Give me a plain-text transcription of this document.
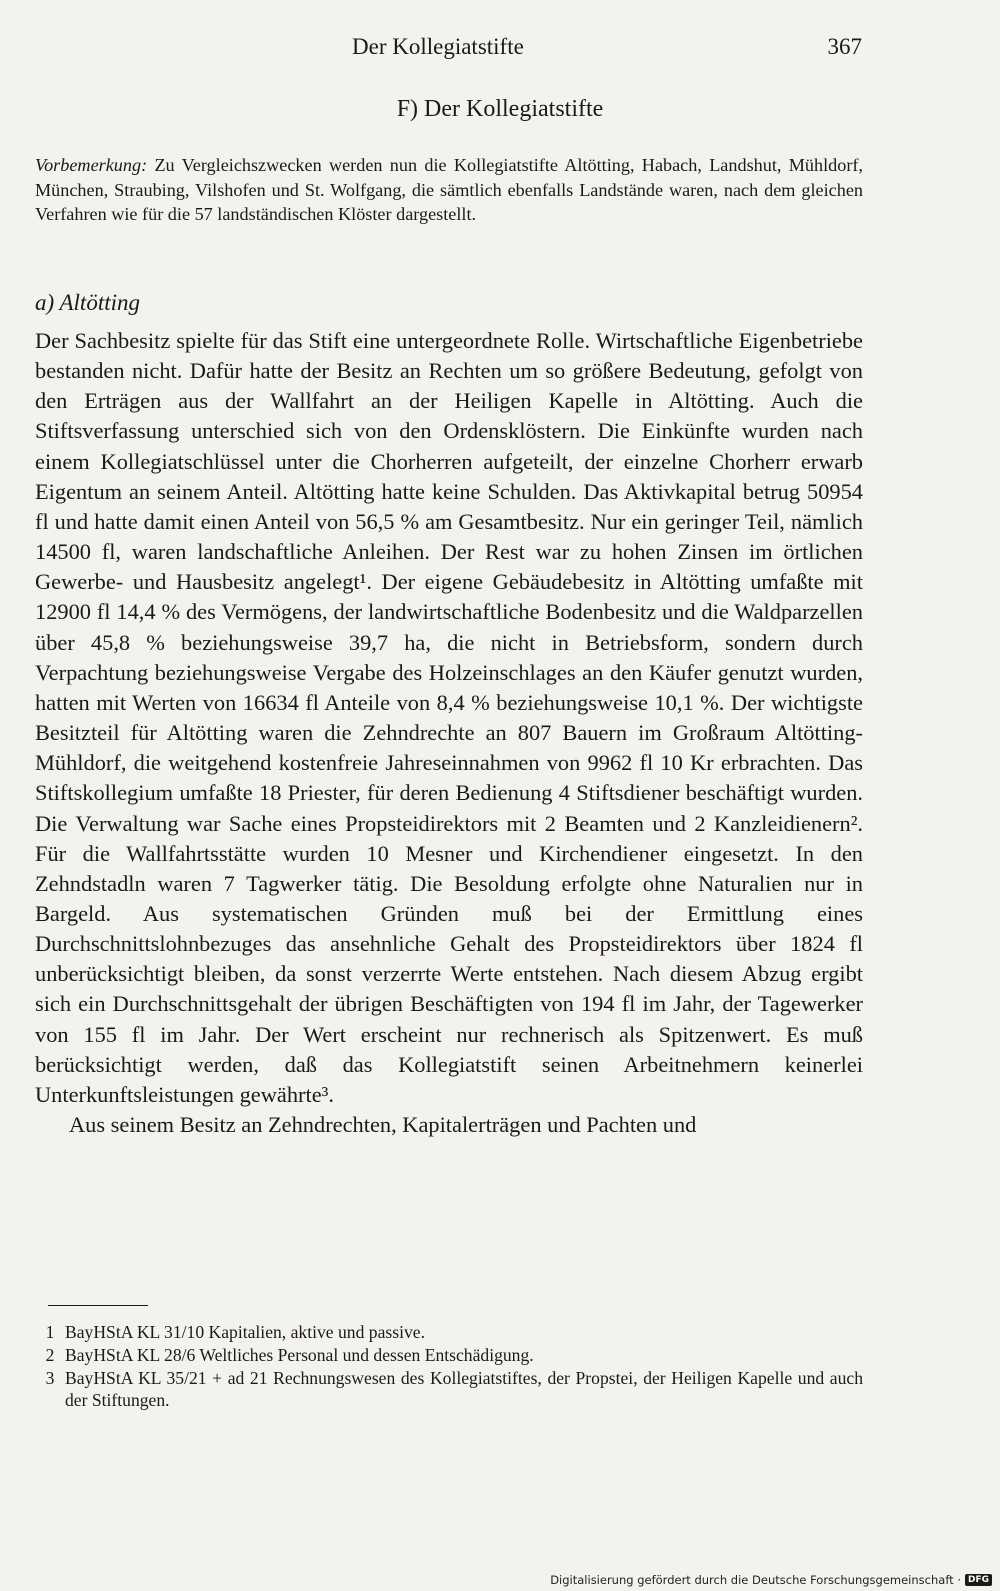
Der Kollegiatstifte	367
F) Der Kollegiatstifte
Vorbemerkung: Zu Vergleichszwecken werden nun die Kollegiatstifte Altötting, Habach, Landshut, Mühldorf, München, Straubing, Vilshofen und St. Wolfgang, die sämtlich ebenfalls Landstände waren, nach dem gleichen Verfahren wie für die 57 landständischen Klöster dargestellt.
a) Altötting

Der Sachbesitz spielte für das Stift eine untergeordnete Rolle. Wirtschaftliche Eigenbetriebe bestanden nicht. Dafür hatte der Besitz an Rechten um so größere Bedeutung, gefolgt von den Erträgen aus der Wallfahrt an der Heiligen Kapelle in Altötting. Auch die Stiftsverfassung unterschied sich von den Ordensklöstern. Die Einkünfte wurden nach einem Kollegiatschlüssel unter die Chorherren aufgeteilt, der einzelne Chorherr erwarb Eigentum an seinem Anteil. Altötting hatte keine Schulden. Das Aktivkapital betrug 50954 fl und hatte damit einen Anteil von 56,5 % am Gesamtbesitz. Nur ein geringer Teil, nämlich 14500 fl, waren landschaftliche Anleihen. Der Rest war zu hohen Zinsen im örtlichen Gewerbe- und Hausbesitz angelegt¹. Der eigene Gebäudebesitz in Altötting umfaßte mit 12900 fl 14,4 % des Vermögens, der landwirtschaftliche Bodenbesitz und die Waldparzellen über 45,8 % beziehungsweise 39,7 ha, die nicht in Betriebsform, sondern durch Verpachtung beziehungsweise Vergabe des Holzeinschlages an den Käufer genutzt wurden, hatten mit Werten von 16634 fl Anteile von 8,4 % beziehungsweise 10,1 %. Der wichtigste Besitzteil für Altötting waren die Zehndrechte an 807 Bauern im Großraum Altötting-Mühldorf, die weitgehend kostenfreie Jahreseinnahmen von 9962 fl 10 Kr erbrachten. Das Stiftskollegium umfaßte 18 Priester, für deren Bedienung 4 Stiftsdiener beschäftigt wurden. Die Verwaltung war Sache eines Propsteidirektors mit 2 Beamten und 2 Kanzleidienern². Für die Wallfahrtsstätte wurden 10 Mesner und Kirchendiener eingesetzt. In den Zehndstadln waren 7 Tagwerker tätig. Die Besoldung erfolgte ohne Naturalien nur in Bargeld. Aus systematischen Gründen muß bei der Ermittlung eines Durchschnittslohnbezuges das ansehnliche Gehalt des Propsteidirektors über 1824 fl unberücksichtigt bleiben, da sonst verzerrte Werte entstehen. Nach diesem Abzug ergibt sich ein Durchschnittsgehalt der übrigen Beschäftigten von 194 fl im Jahr, der Tagewerker von 155 fl im Jahr. Der Wert erscheint nur rechnerisch als Spitzenwert. Es muß berücksichtigt werden, daß das Kollegiatstift seinen Arbeitnehmern keinerlei Unterkunftsleistungen gewährte³.

Aus seinem Besitz an Zehndrechten, Kapitalerträgen und Pachten und

1 BayHStA KL 31/10 Kapitalien, aktive und passive.
2 BayHStA KL 28/6 Weltliches Personal und dessen Entschädigung.
3 BayHStA KL 35/21 + ad 21 Rechnungswesen des Kollegiatstiftes, der Propstei, der Heiligen Kapelle und auch der Stiftungen.
Digitalisierung gefördert durch die Deutsche Forschungsgemeinschaft · DFG
